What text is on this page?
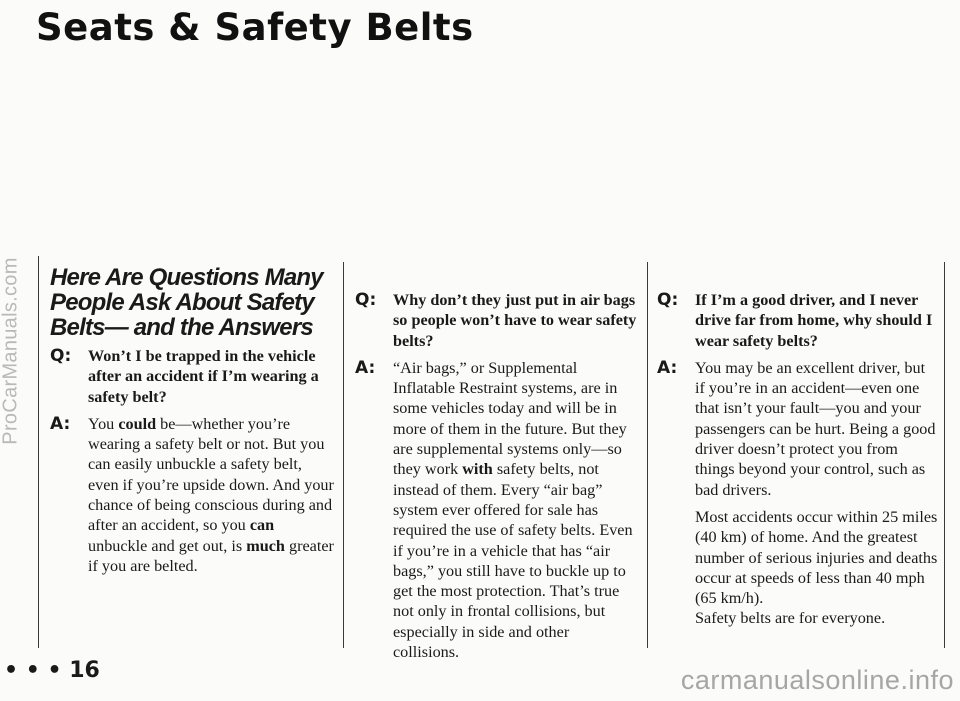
Seats & Safety Belts
ProCarManuals.com Here Are Questions Many People Ask About Safety Belts— and the Answers
Q: Won’t I be trapped in the vehicle after an accident if I’m wearing a safety belt?
A: You could be—whether you’re wearing a safety belt or not. But you can easily unbuckle a safety belt, even if you’re upside down. And your chance of being conscious during and after an accident, so you can unbuckle and get out, is much greater if you are belted.
Q: Why don’t they just put in air bags so people won’t have to wear safety belts?
A: “Air bags,” or Supplemental Inflatable Restraint systems, are in some vehicles today and will be in more of them in the future. But they are supplemental systems only—so they work with safety belts, not instead of them. Every “air bag” system ever offered for sale has required the use of safety belts. Even if you’re in a vehicle that has “air bags,” you still have to buckle up to get the most protection. That’s true not only in frontal collisions, but especially in side and other collisions.
Q: If I’m a good driver, and I never drive far from home, why should I wear safety belts?
A: You may be an excellent driver, but if you’re in an accident—even one that isn’t your fault—you and your passengers can be hurt. Being a good driver doesn’t protect you from things beyond your control, such as bad drivers.

Most accidents occur within 25 miles (40 km) of home. And the greatest number of serious injuries and deaths occur at speeds of less than 40 mph (65 km/h).

Safety belts are for everyone.

• • • 16	carmanualsonline.info
